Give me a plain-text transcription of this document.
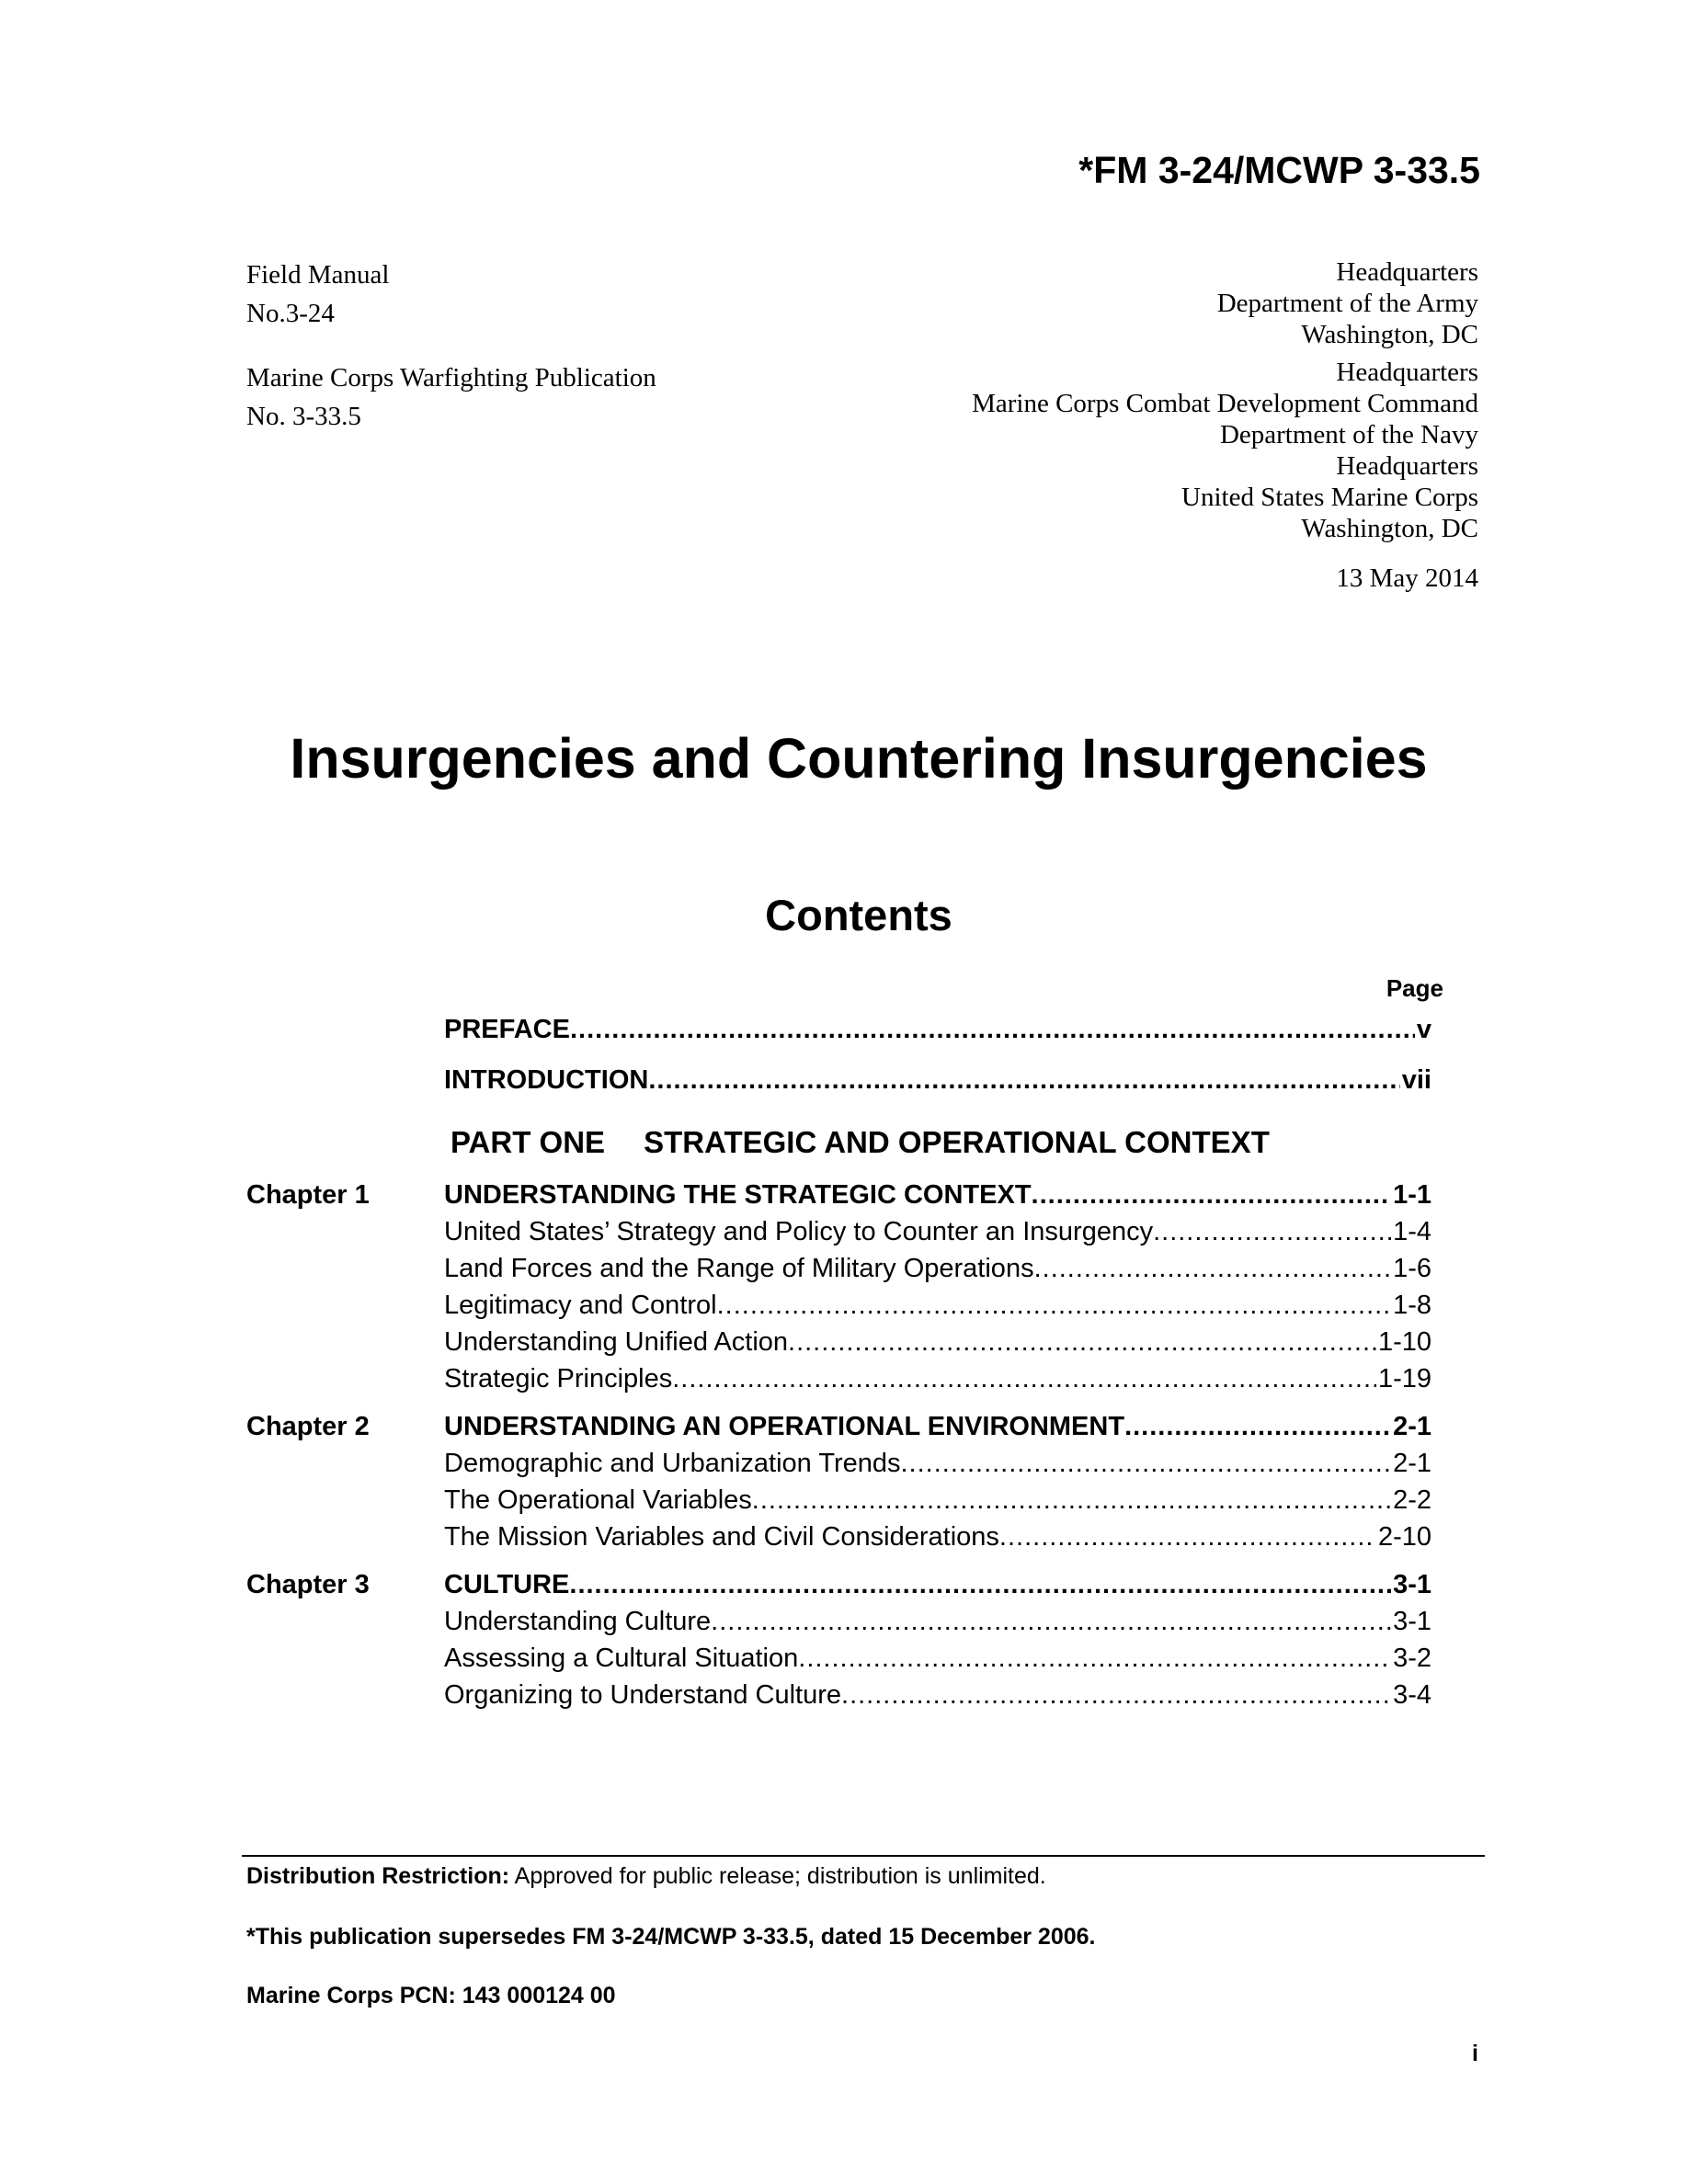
*FM 3-24/MCWP 3-33.5
Field Manual
No.3-24
Marine Corps Warfighting Publication
No. 3-33.5
Headquarters
Department of the Army
Washington, DC
Headquarters
Marine Corps Combat Development Command
Department of the Navy
Headquarters
United States Marine Corps
Washington, DC
13 May 2014
Insurgencies and Countering Insurgencies
Contents
Page
PREFACE .....	v
INTRODUCTION .....	vii
PART ONE STRATEGIC AND OPERATIONAL CONTEXT
Chapter 1	UNDERSTANDING THE STRATEGIC CONTEXT .....	1-1
United States’ Strategy and Policy to Counter an Insurgency .....	1-4
Land Forces and the Range of Military Operations .....	1-6
Legitimacy and Control .....	1-8
Understanding Unified Action .....	1-10
Strategic Principles .....	1-19
Chapter 2	UNDERSTANDING AN OPERATIONAL ENVIRONMENT .....	2-1
Demographic and Urbanization Trends .....	2-1
The Operational Variables .....	2-2
The Mission Variables and Civil Considerations .....	2-10
Chapter 3	CULTURE .....	3-1
Understanding Culture .....	3-1
Assessing a Cultural Situation .....	3-2
Organizing to Understand Culture .....	3-4
Distribution Restriction: Approved for public release; distribution is unlimited.
*This publication supersedes FM 3-24/MCWP 3-33.5, dated 15 December 2006.
Marine Corps PCN: 143 000124 00
i
